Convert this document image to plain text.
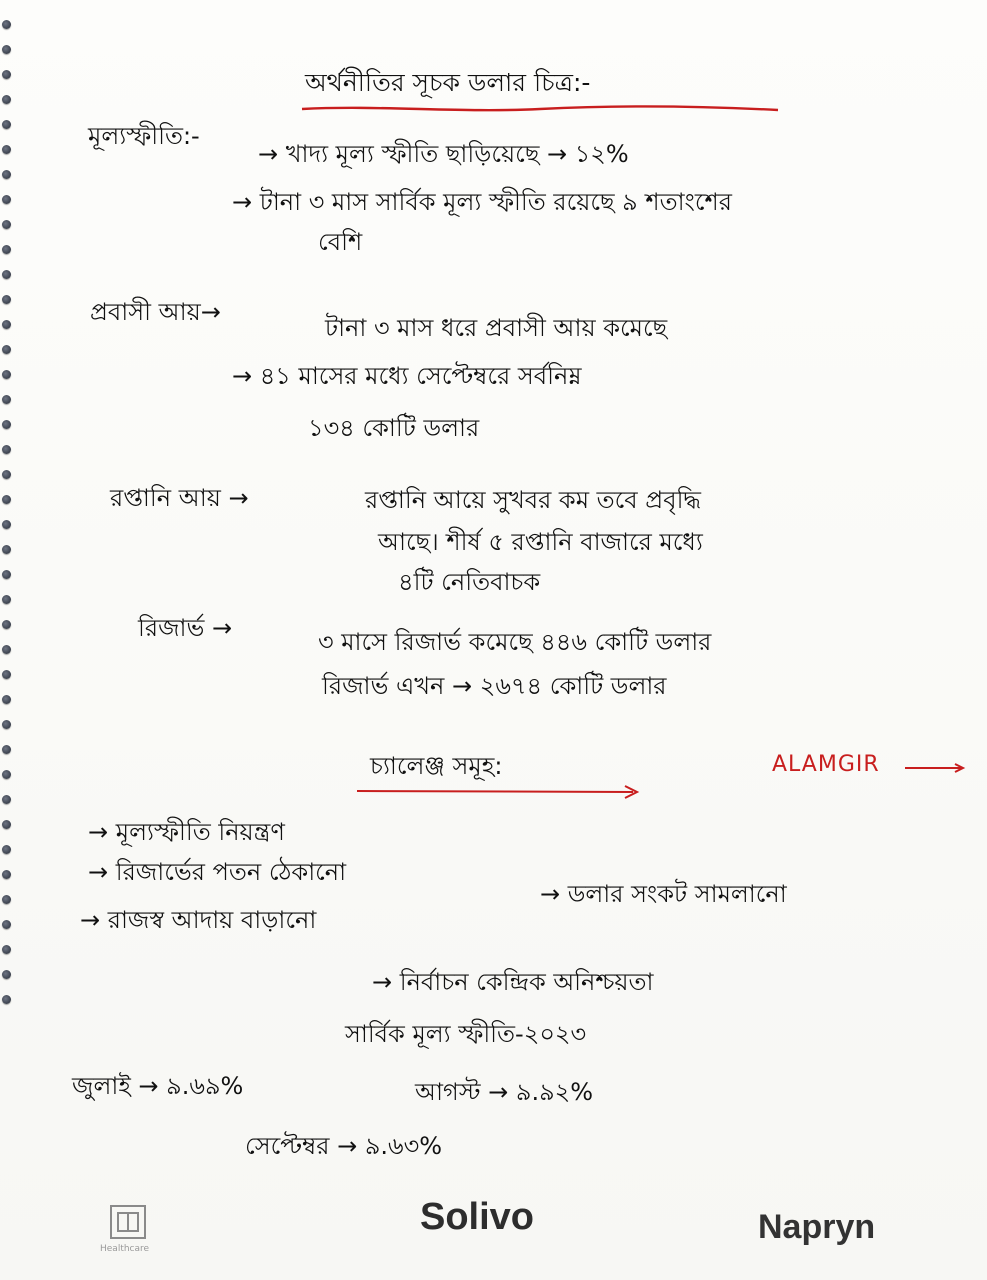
অর্থনীতির সূচক ডলার চিত্র:-
মূল্যস্ফীতি:-
→ খাদ্য মূল্য স্ফীতি ছাড়িয়েছে → ১২%
→ টানা ৩ মাস সার্বিক মূল্য স্ফীতি রয়েছে ৯ শতাংশের
বেশি
প্রবাসী আয়→
টানা ৩ মাস ধরে প্রবাসী আয় কমেছে
→ ৪১ মাসের মধ্যে সেপ্টেম্বরে সর্বনিম্ন
১৩৪ কোটি ডলার
রপ্তানি আয় →	রপ্তানি আয়ে সুখবর কম তবে প্রবৃদ্ধি
আছে। শীর্ষ ৫ রপ্তানি বাজারে মধ্যে
৪টি নেতিবাচক
রিজার্ভ →	৩ মাসে রিজার্ভ কমেছে ৪৪৬ কোটি ডলার
রিজার্ভ এখন → ২৬৭৪ কোটি ডলার
চ্যালেঞ্জ সমূহ:	ALAMGIR
→ মূল্যস্ফীতি নিয়ন্ত্রণ
→ রিজার্ভের পতন ঠেকানো
→ রাজস্ব আদায় বাড়ানো
→ ডলার সংকট সামলানো
→ নির্বাচন কেন্দ্রিক অনিশ্চয়তা
সার্বিক মূল্য স্ফীতি-২০২৩
জুলাই → ৯.৬৯%	আগস্ট → ৯.৯২%
সেপ্টেম্বর → ৯.৬৩%
Healthcare
Solivo	Napryn
